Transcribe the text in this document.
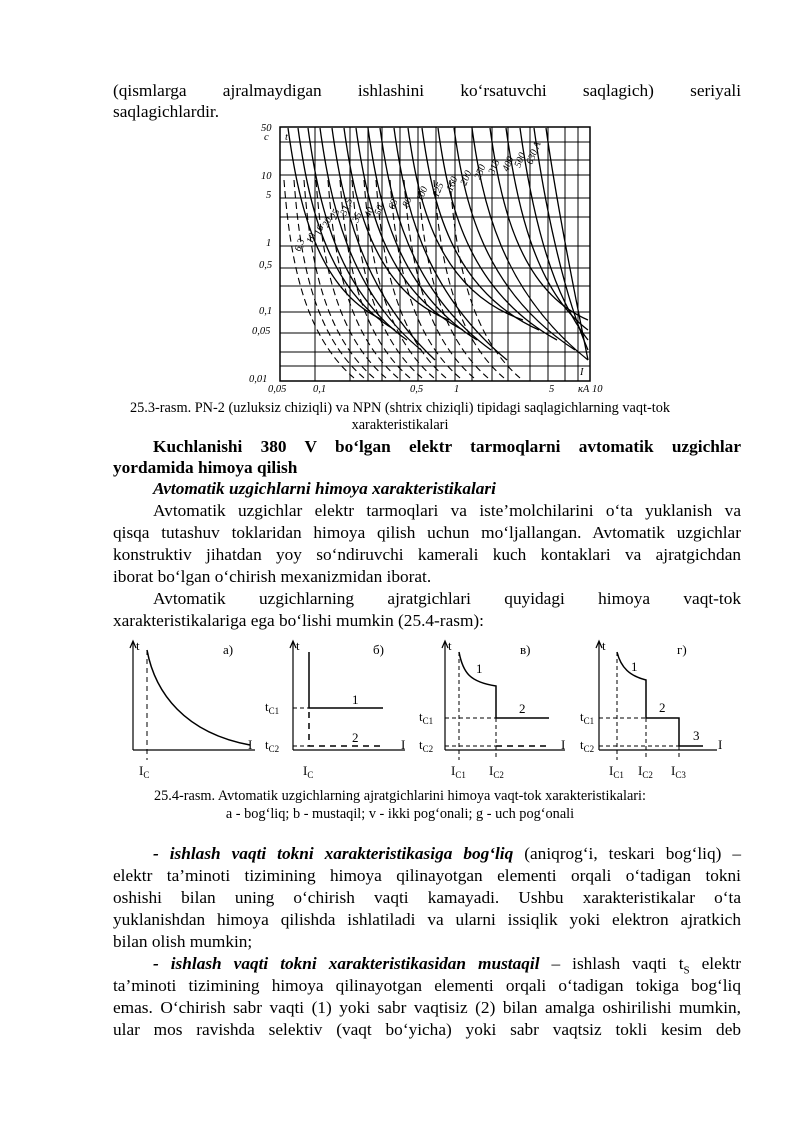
(qismlarga ajralmaydigan ishlashini ko‘rsatuvchi saqlagich) seriyali
saqlagichlardir.
6,3
10
16
20
25
31,5
35
40
50 63 80 100 125
160
200
250
315
400
500
630 A
50
c
10
5
1
0,5
0,1
0,05
0,01
0,05	0,1	0,5	1	5 кА 10
t
I
25.3-rasm. PN-2 (uzluksiz chiziqli) va NPN (shtrix chiziqli) tipidagi saqlagichlarning vaqt-tok
xarakteristikalari
Kuchlanishi 380 V bo‘lgan elektr tarmoqlarni avtomatik uzgichlar
yordamida himoya qilish
Avtomatik uzgichlarni himoya xarakteristikalari
Avtomatik uzgichlar elektr tarmoqlari va iste’molchilarini o‘ta yuklanish va
qisqa tutashuv toklaridan himoya qilish uchun mo‘ljallangan. Avtomatik uzgichlar
konstruktiv jihatdan yoy so‘ndiruvchi kamerali kuch kontaklari va ajratgichdan
iborat bo‘lgan o‘chirish mexanizmidan iborat.
Avtomatik uzgichlarning ajratgichlari quyidagi himoya vaqt-tok
xarakteristikalariga ega bo‘lishi mumkin (25.4-rasm):
t	а)
I
$I_C$
t	б)
I
$t_{C1}$
$t_{C2}$
1
2
$I_C$
t	в)
I
$t_{C1}$
$t_{C2}$
1
2
$I_{C1}$ $I_{C2}$
t	г)
I
$t_{C1}$
$t_{C2}$
1
2
3
$I_{C1}$ $I_{C2}$ $I_{C3}$
25.4-rasm. Avtomatik uzgichlarning ajratgichlarini himoya vaqt-tok xarakteristikalari:
a - bog‘liq; b - mustaqil; v - ikki pog‘onali; g - uch pog‘onali
- ishlash vaqti tokni xarakteristikasiga bog‘liq (aniqrog‘i, teskari bog‘liq) –
elektr ta’minoti tizimining himoya qilinayotgan elementi orqali o‘tadigan tokni
oshishi bilan uning o‘chirish vaqti kamayadi. Ushbu xarakteristikalar o‘ta
yuklanishdan himoya qilishda ishlatiladi va ularni issiqlik yoki elektron ajratkich
bilan olish mumkin;
- ishlash vaqti tokni xarakteristikasidan mustaqil – ishlash vaqti $t_S$ elektr
ta’minoti tizimining himoya qilinayotgan elementi orqali o‘tadigan tokiga bog‘liq
emas. O‘chirish sabr vaqti (1) yoki sabr vaqtisiz (2) bilan amalga oshirilishi mumkin,
ular mos ravishda selektiv (vaqt bo‘yicha) yoki sabr vaqtsiz tokli kesim deb
